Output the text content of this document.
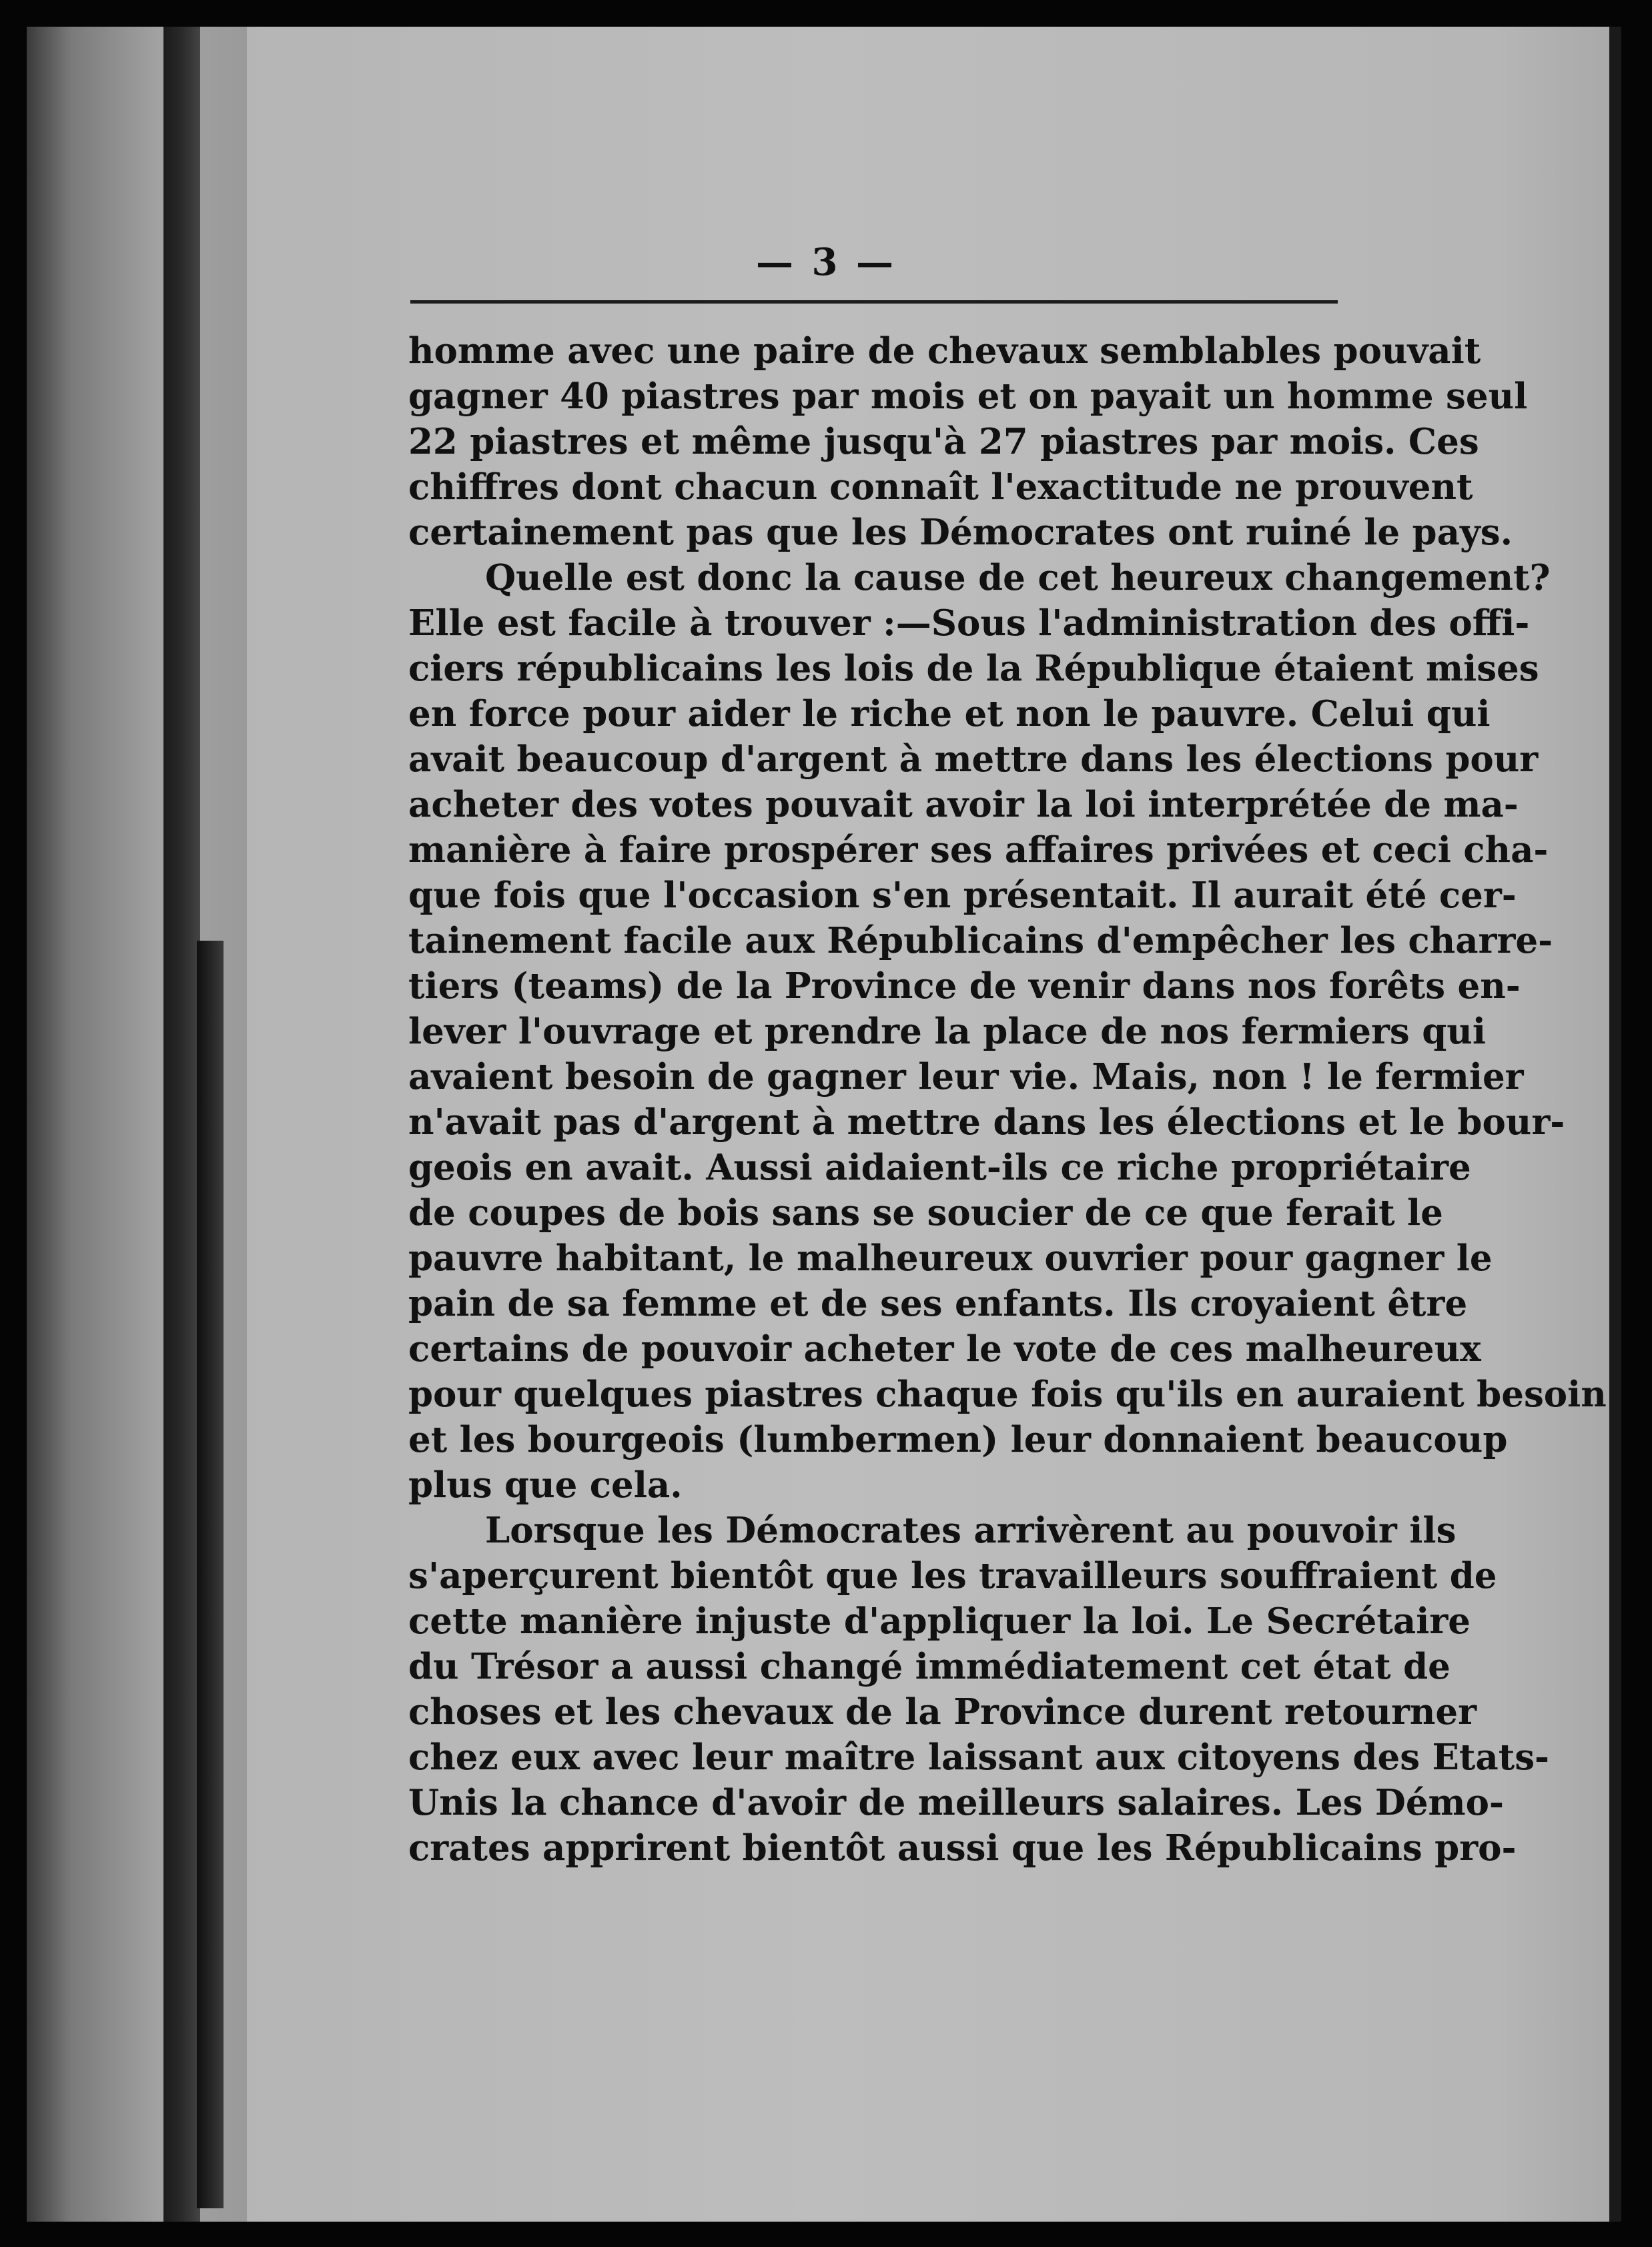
— 3 —
homme avec une paire de chevaux semblables pouvait
gagner 40 piastres par mois et on payait un homme seul
22 piastres et même jusqu'à 27 piastres par mois. Ces
chiffres dont chacun connaît l'exactitude ne prouvent
certainement pas que les Démocrates ont ruiné le pays.
Quelle est donc la cause de cet heureux changement?
Elle est facile à trouver :—Sous l'administration des offi-
ciers républicains les lois de la République étaient mises
en force pour aider le riche et non le pauvre. Celui qui
avait beaucoup d'argent à mettre dans les élections pour
acheter des votes pouvait avoir la loi interprétée de ma-
manière à faire prospérer ses affaires privées et ceci cha-
que fois que l'occasion s'en présentait. Il aurait été cer-
tainement facile aux Républicains d'empêcher les charre-
tiers (teams) de la Province de venir dans nos forêts en-
lever l'ouvrage et prendre la place de nos fermiers qui
avaient besoin de gagner leur vie. Mais, non ! le fermier
n'avait pas d'argent à mettre dans les élections et le bour-
geois en avait. Aussi aidaient-ils ce riche propriétaire
de coupes de bois sans se soucier de ce que ferait le
pauvre habitant, le malheureux ouvrier pour gagner le
pain de sa femme et de ses enfants. Ils croyaient être
certains de pouvoir acheter le vote de ces malheureux
pour quelques piastres chaque fois qu'ils en auraient besoin
et les bourgeois (lumbermen) leur donnaient beaucoup
plus que cela.
Lorsque les Démocrates arrivèrent au pouvoir ils
s'aperçurent bientôt que les travailleurs souffraient de
cette manière injuste d'appliquer la loi. Le Secrétaire
du Trésor a aussi changé immédiatement cet état de
choses et les chevaux de la Province durent retourner
chez eux avec leur maître laissant aux citoyens des Etats-
Unis la chance d'avoir de meilleurs salaires. Les Démo-
crates apprirent bientôt aussi que les Républicains pro-
